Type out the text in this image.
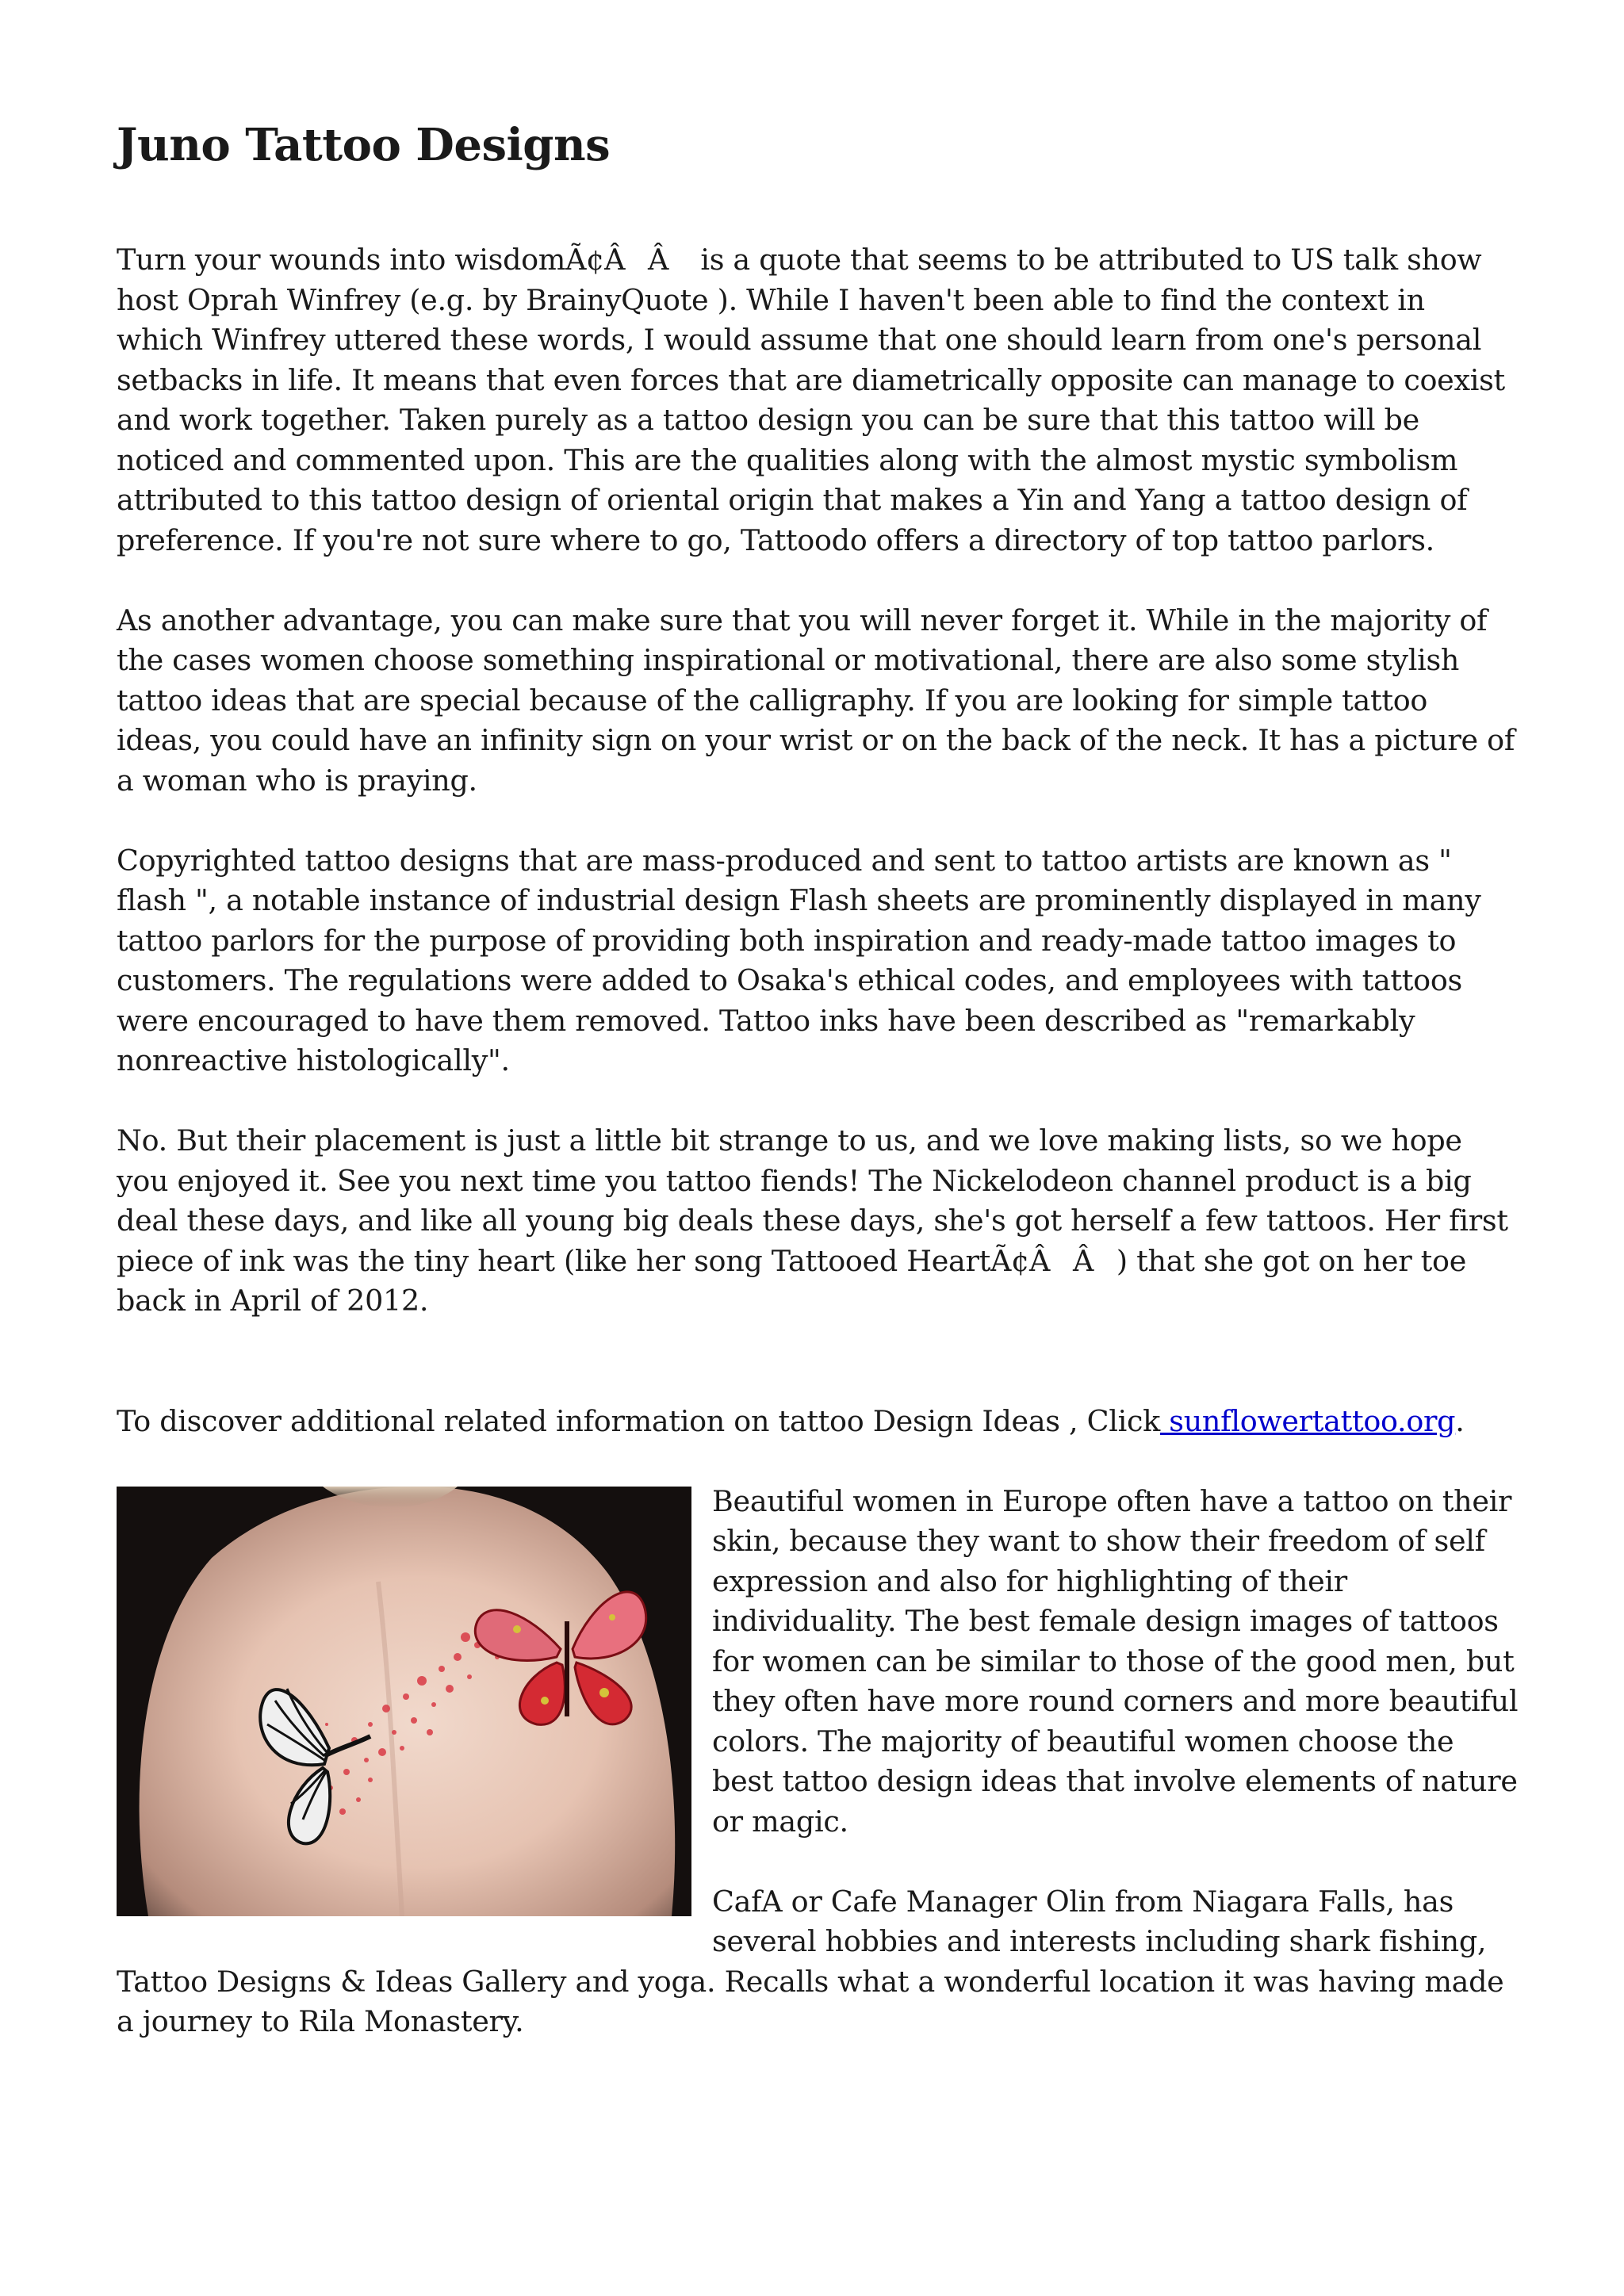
Juno Tattoo Designs

Turn your wounds into wisdomÃ¢ÂÂ is a quote that seems to be attributed to US talk show host Oprah Winfrey (e.g. by BrainyQuote ). While I haven't been able to find the context in which Winfrey uttered these words, I would assume that one should learn from one's personal setbacks in life. It means that even forces that are diametrically opposite can manage to coexist and work together. Taken purely as a tattoo design you can be sure that this tattoo will be noticed and commented upon. This are the qualities along with the almost mystic symbolism attributed to this tattoo design of oriental origin that makes a Yin and Yang a tattoo design of preference. If you're not sure where to go, Tattoodo offers a directory of top tattoo parlors.

As another advantage, you can make sure that you will never forget it. While in the majority of the cases women choose something inspirational or motivational, there are also some stylish tattoo ideas that are special because of the calligraphy. If you are looking for simple tattoo ideas, you could have an infinity sign on your wrist or on the back of the neck. It has a picture of a woman who is praying.

Copyrighted tattoo designs that are mass-produced and sent to tattoo artists are known as " flash ", a notable instance of industrial design Flash sheets are prominently displayed in many tattoo parlors for the purpose of providing both inspiration and ready-made tattoo images to customers. The regulations were added to Osaka's ethical codes, and employees with tattoos were encouraged to have them removed. Tattoo inks have been described as "remarkably nonreactive histologically".

No. But their placement is just a little bit strange to us, and we love making lists, so we hope you enjoyed it. See you next time you tattoo fiends! The Nickelodeon channel product is a big deal these days, and like all young big deals these days, she's got herself a few tattoos. Her first piece of ink was the tiny heart (like her song Tattooed HeartÃ¢ÂÂ) that she got on her toe back in April of 2012.

To discover additional related information on tattoo Design Ideas , Click sunflowertattoo.org.

Beautiful women in Europe often have a tattoo on their skin, because they want to show their freedom of self expression and also for highlighting of their individuality. The best female design images of tattoos for women can be similar to those of the good men, but they often have more round corners and more beautiful colors. The majority of beautiful women choose the best tattoo design ideas that involve elements of nature or magic.

CafA or Cafe Manager Olin from Niagara Falls, has several hobbies and interests including shark fishing, Tattoo Designs & Ideas Gallery and yoga. Recalls what a wonderful location it was having made a journey to Rila Monastery.
